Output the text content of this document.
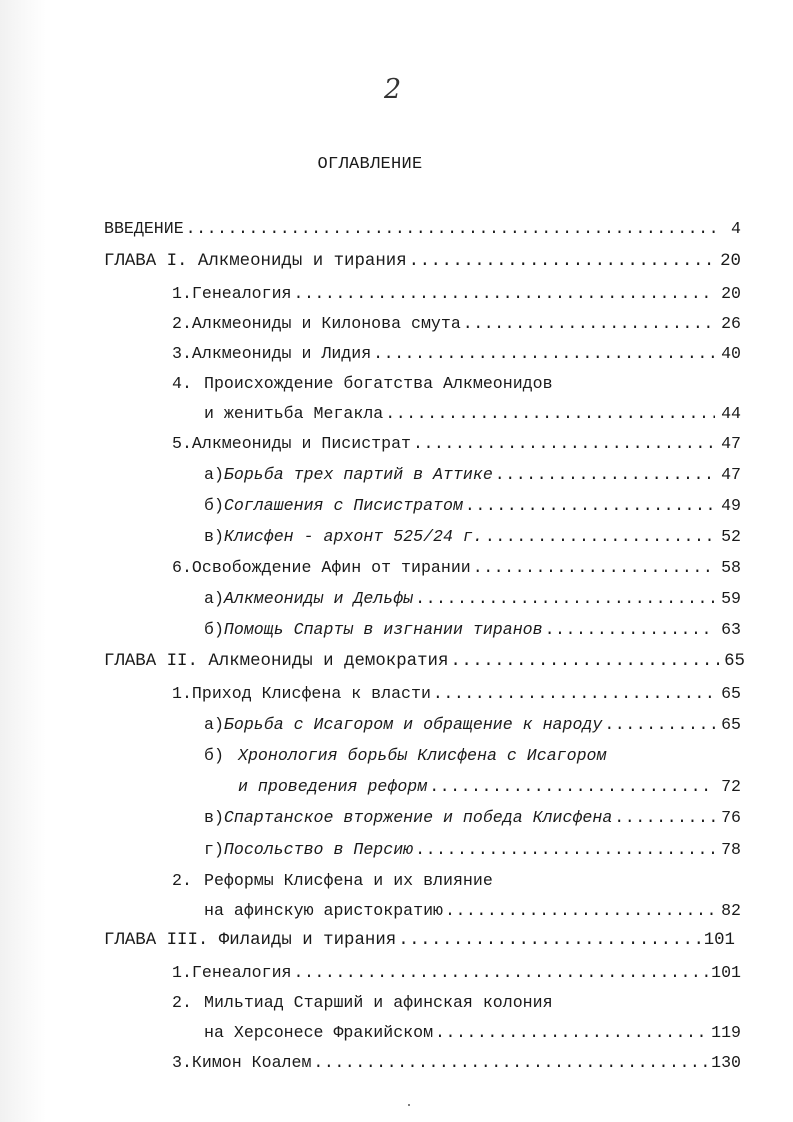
2
ОГЛАВЛЕНИЕ
ВВЕДЕНИЕ .....	4
ГЛАВА I. Алкмеониды и тирания .....	20
1. Генеалогия .....	20
2. Алкмеониды и Килонова смута .....	26
3. Алкмеониды и Лидия .....	40
4. Происхождение богатства Алкмеонидов
и женитьба Мегакла .....	44
5. Алкмеониды и Писистрат .....	47
а) Борьба трех партий в Аттике .....	47
б) Соглашения с Писистратом .....	49
в) Клисфен - архонт 525/24 г. .....	52
6. Освобождение Афин от тирании .....	58
а) Алкмеониды и Дельфы .....	59
б) Помощь Спарты в изгнании тиранов .....	63
ГЛАВА II. Алкмеониды и демократия .....	65
1. Приход Клисфена к власти .....	65
а) Борьба с Исагором и обращение к народу .....	65
б) Хронология борьбы Клисфена с Исагором
и проведения реформ .....	72
в) Спартанское вторжение и победа Клисфена .....	76
г) Посольство в Персию .....	78
2. Реформы Клисфена и их влияние
на афинскую аристократию .....	82
ГЛАВА III. Филаиды и тирания .....	101
1. Генеалогия .....	101
2. Мильтиад Старший и афинская колония
на Херсонесе Фракийском .....	119
3. Кимон Коалем .....	130
